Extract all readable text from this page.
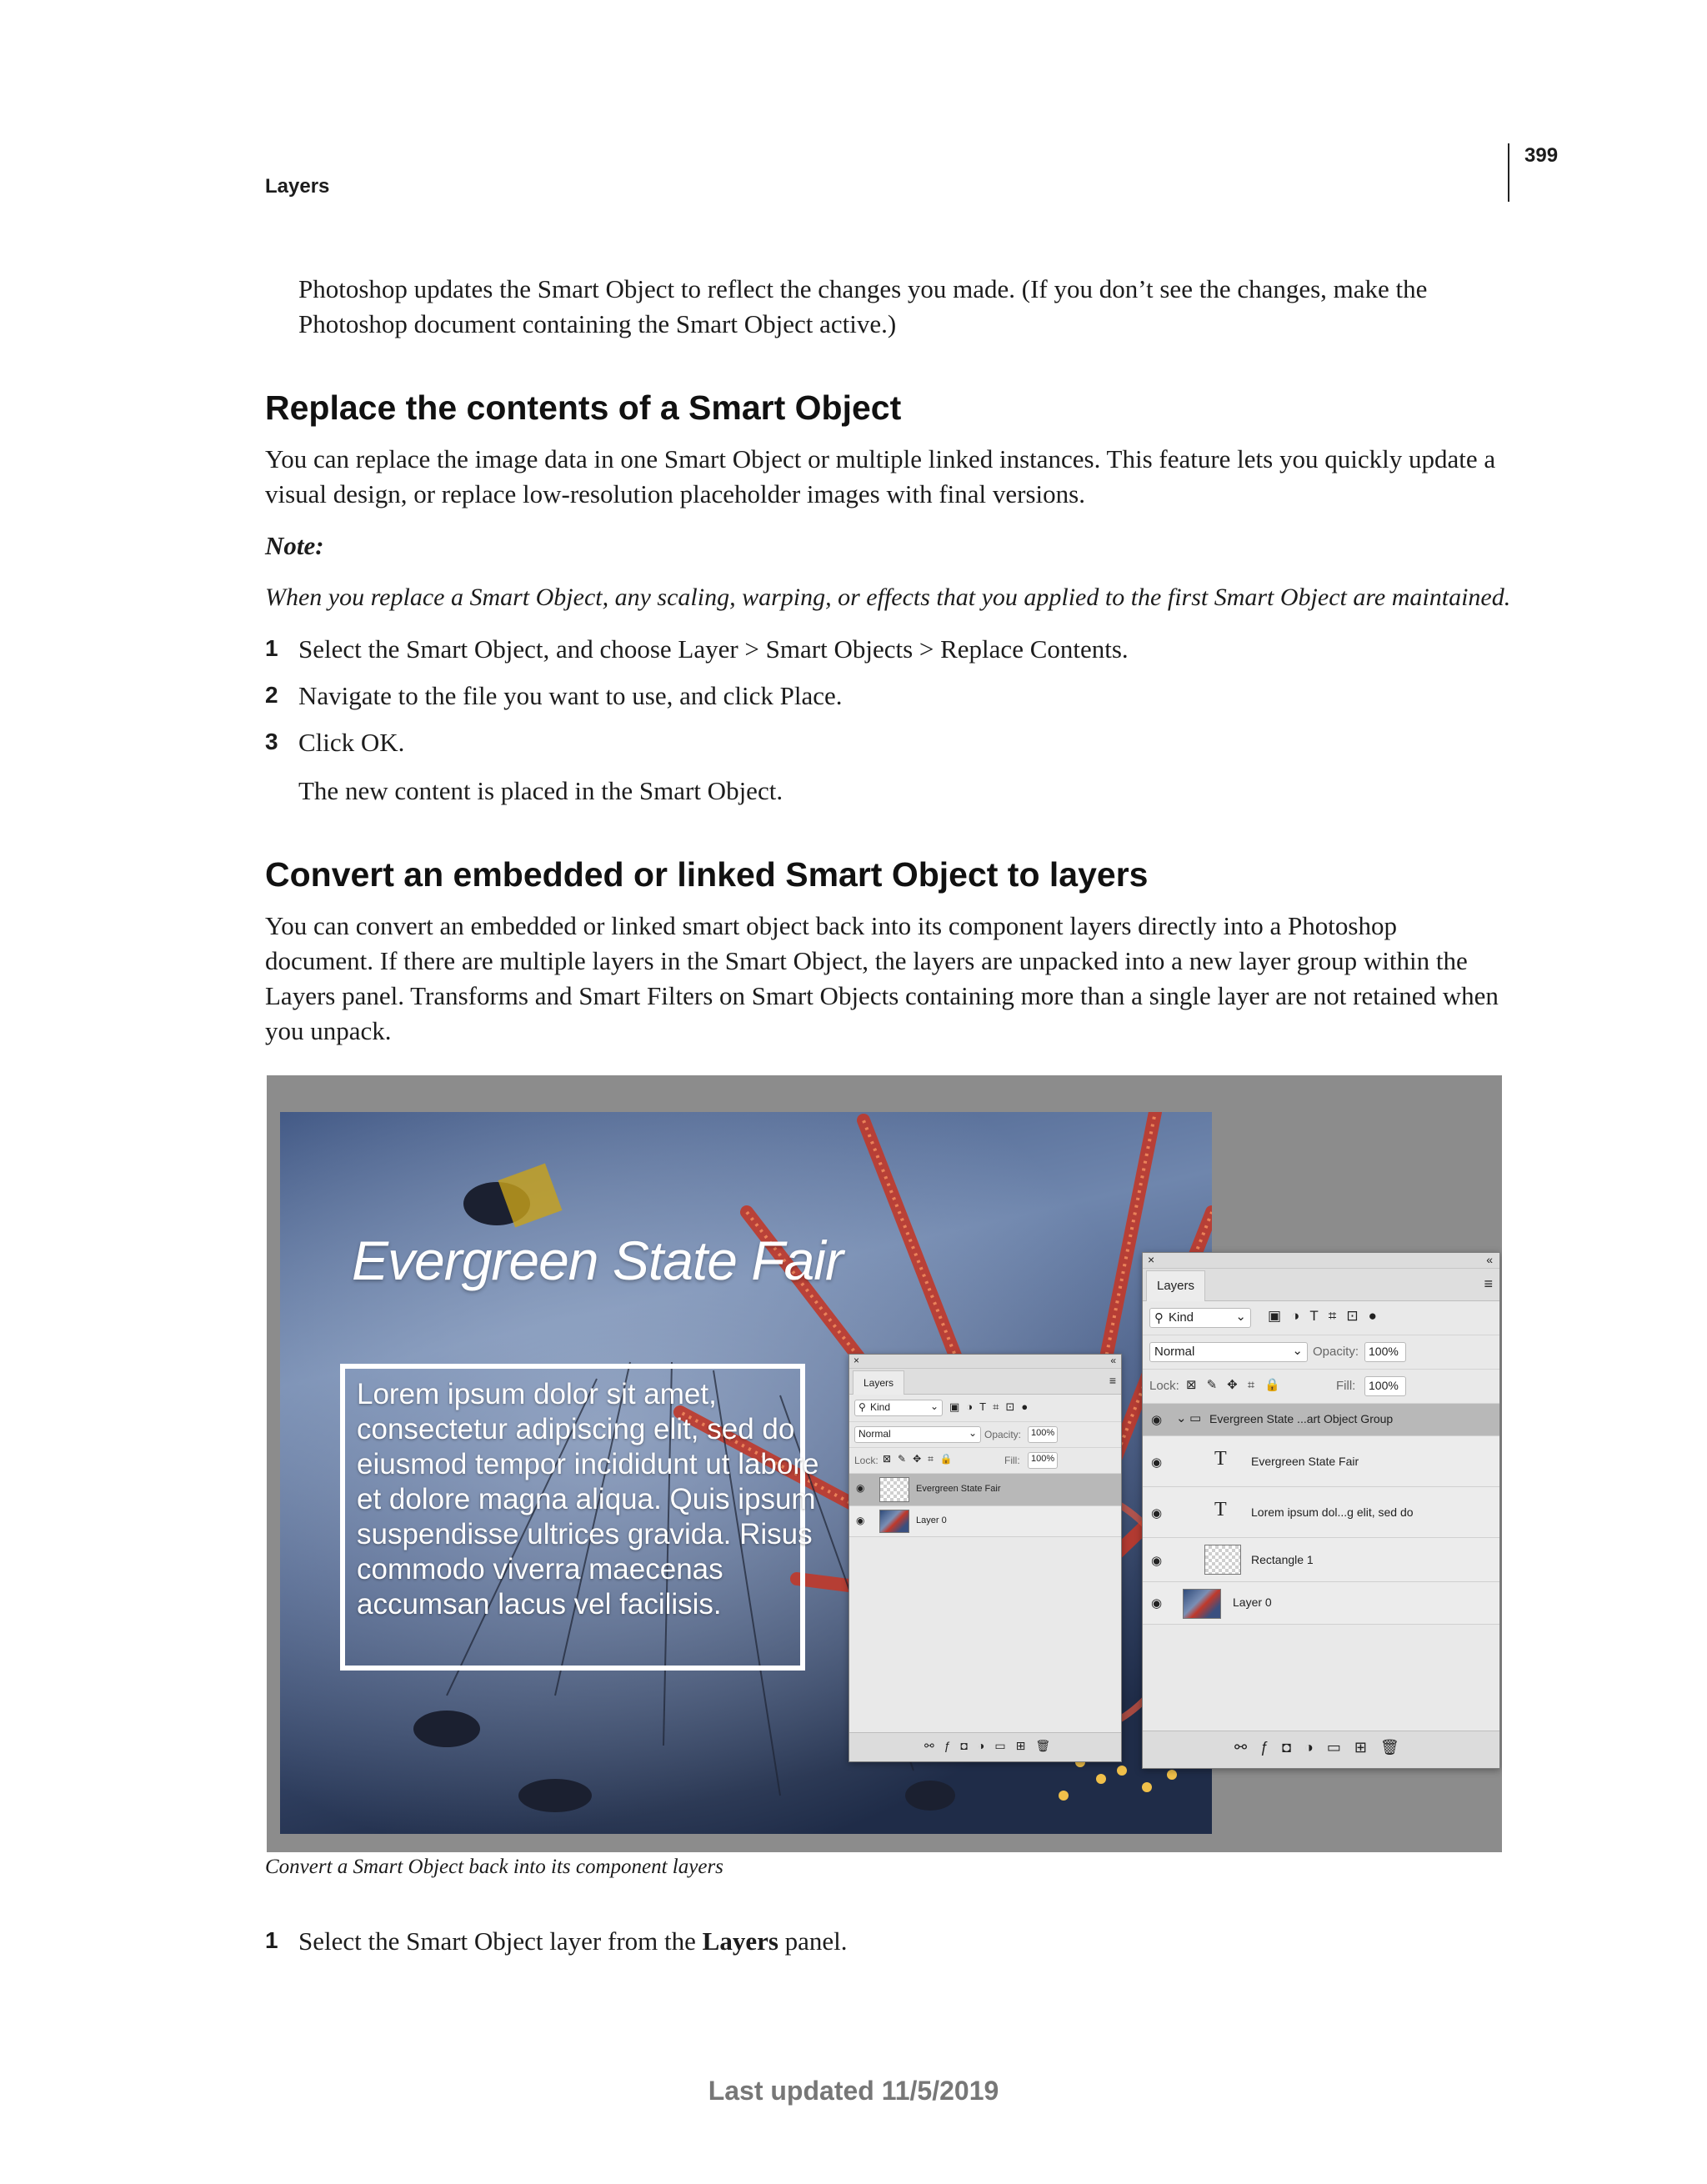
Layers
399

Photoshop updates the Smart Object to reflect the changes you made. (If you don’t see the changes, make the Photoshop document containing the Smart Object active.)

Replace the contents of a Smart Object

You can replace the image data in one Smart Object or multiple linked instances. This feature lets you quickly update a visual design, or replace low-resolution placeholder images with final versions.

Note:
When you replace a Smart Object, any scaling, warping, or effects that you applied to the first Smart Object are maintained.
1 Select the Smart Object, and choose Layer > Smart Objects > Replace Contents.
2 Navigate to the file you want to use, and click Place.
3 Click OK.
The new content is placed in the Smart Object.
Convert an embedded or linked Smart Object to layers

You can convert an embedded or linked smart object back into its component layers directly into a Photoshop document. If there are multiple layers in the Smart Object, the layers are unpacked into a new layer group within the Layers panel. Transforms and Smart Filters on Smart Objects containing more than a single layer are not retained when you unpack.

Evergreen State Fair
Lorem ipsum dolor sit amet, consectetur adipiscing elit, sed do eiusmod tempor incididunt ut labore et dolore magna aliqua. Quis ipsum suspendisse ultrices gravida. Risus commodo viverra maecenas accumsan lacus vel facilisis.
×	«
Layers	≡
⚲ Kind	⌄ ▣◑T⌗⊡●
Normal	⌄ Opacity: 100%
Lock: ⊠✎✥⌗🔒	Fill: 100%
◉	Evergreen State Fair
◉	Layer 0
⚯ƒ◘◑▭⊞🗑
×	«
Layers	≡
⚲ Kind	⌄ ▣◑T⌗⊡●
Normal	⌄ Opacity: 100%
Lock: ⊠✎✥⌗🔒	Fill: 100%
◉ ⌄ ▭ Evergreen State ...art Object Group
◉	T Evergreen State Fair
◉	T Lorem ipsum dol...g elit, sed do
◉	Rectangle 1
◉	Layer 0
⚯ƒ◘◑▭⊞🗑
Convert a Smart Object back into its component layers
1 Select the Smart Object layer from the Layers panel.
Last updated 11/5/2019
